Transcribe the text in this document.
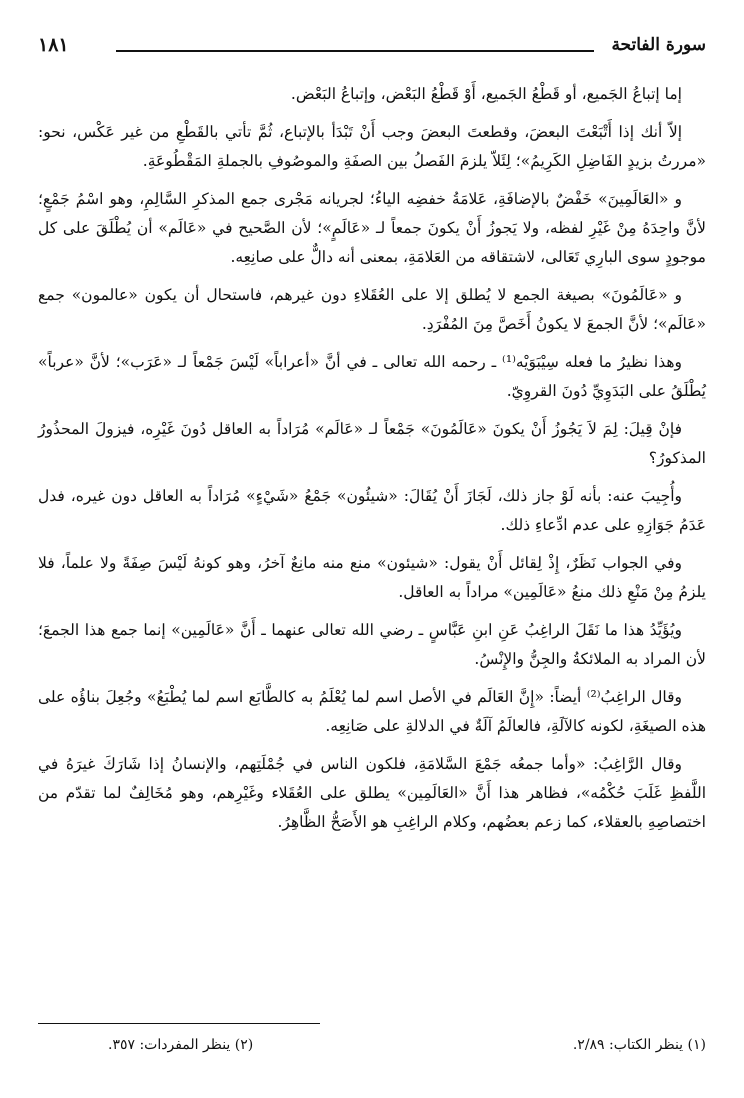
سورة الفاتحة
١٨١

إما إتباعُ الجَميع، أو قَطْعُ الجَميع، أَوْ قَطْعُ البَعْض، وإتباعُ البَعْض.

إلاّ أنك إذا أَتْبَعْتَ البعضَ، وقطعتَ البعضَ وجب أَنْ تَبْدَأ بالإتباع، ثُمَّ تأتي بالقَطْعِ من غير عَكْس، نحو: «مررتُ بزيدٍ الفَاضِلِ الكَرِيمُ»؛ لِئَلاّ يلزمَ الفَصلُ بين الصفَةِ والموصُوفِ بالجملةِ المَقْطُوعَةِ.

و «العَالَمِينَ» خَفْضٌ بالإضافَةِ، عَلامَةُ خفضِه الياءُ؛ لجريانه مَجْرى جمع المذكرِ السَّالِمِ، وهو اسْمُ جَمْعٍ؛ لأنَّ واحِدَهُ مِنْ غَيْرِ لفظه، ولا يَجوزُ أَنْ يكونَ جمعاً لـ «عَالَمٍ»؛ لأن الصَّحيح في «عَالَم» أن يُطْلَقَ على كل موجودٍ سوى البارِي تَعَالى، لاشتقاقه من العَلامَةِ، بمعنى أنه دالٌّ على صانِعِه.

و «عَالَمُونَ» بصيغة الجمع لا يُطلق إلا على العُقَلاءِ دون غيرهم، فاستحال أن يكون «عالمون» جمع «عَالَم»؛ لأنَّ الجمعَ لا يكونُ أَخَصَّ مِنَ المُفْرَدِ.

وهذا نظيرُ ما فعله سِيْبَوَيْه⁽¹⁾ ـ رحمه الله تعالى ـ في أنَّ «أعراباً» لَيْسَ جَمْعاً لـ «عَرَب»؛ لأنَّ «عرباً» يُطْلَقُ على البَدَوِيِّ دُونَ القروِيّ.

فإنْ قِيلَ: لِمَ لاَ يَجُوزُ أَنْ يكونَ «عَالَمُونَ» جَمْعاً لـ «عَالَم» مُرَاداً به العاقل دُونَ غَيْرِه، فيزولَ المحذُورُ المذكورُ؟

وأُجِيبَ عنه: بأنه لَوْ جاز ذلك، لَجَازَ أَنْ يُقَالَ: «شيئُون» جَمْعُ «شَيْءٍ» مُرَاداً به العاقل دون غيره، فدل عَدَمُ جَوَازِهِ على عدم ادِّعاءِ ذلك.

وفي الجواب نَظَرٌ، إِذْ لِقائل أَنْ يقول: «شيئون» منع منه مانِعٌ آخرُ، وهو كونهُ لَيْسَ صِفَةً ولا علماً، فلا يلزمُ مِنْ مَنْعِ ذلك منعُ «عَالَمِين» مراداً به العاقل.

ويُؤَيِّدُ هذا ما نَقَلَ الراغِبُ عَنِ ابنِ عَبَّاسٍ ـ رضي الله تعالى عنهما ـ أَنَّ «عَالَمِين» إنما جمع هذا الجمعَ؛ لأن المراد به الملائكةُ والجِنُّ والإِنْسُ.

وقال الراغِبُ⁽²⁾ أيضاً: «إِنَّ العَالَم في الأصل اسم لما يُعْلَمُ به كالطَّابَع اسم لما يُطْبَعُ» وجُعِلَ بناؤُه على هذه الصيغَةِ، لكونه كالآلَةِ، فالعالَمُ آلَةٌ في الدلالةِ على صَانِعِه.

وقال الرَّاغِبُ: «وأما جمعُه جَمْعَ السَّلامَةِ، فلكون الناس في جُمْلَتِهم، والإنسانُ إذا شَارَكَ غيرَهُ في اللَّفظِ غَلَبَ حُكْمُه»، فظاهر هذا أَنَّ «العَالَمِين» يطلق على العُقَلاء وغَيْرِهم، وهو مُخَالِفٌ لما تقدّم من اختصاصِهِ بالعقلاء، كما زعم بعضُهم، وكلام الراغِبِ هو الأَصَحُّ الظَّاهِرُ.

(١) ينظر الكتاب: ٢/٨٩.
(٢) ينظر المفردات: ٣٥٧.
